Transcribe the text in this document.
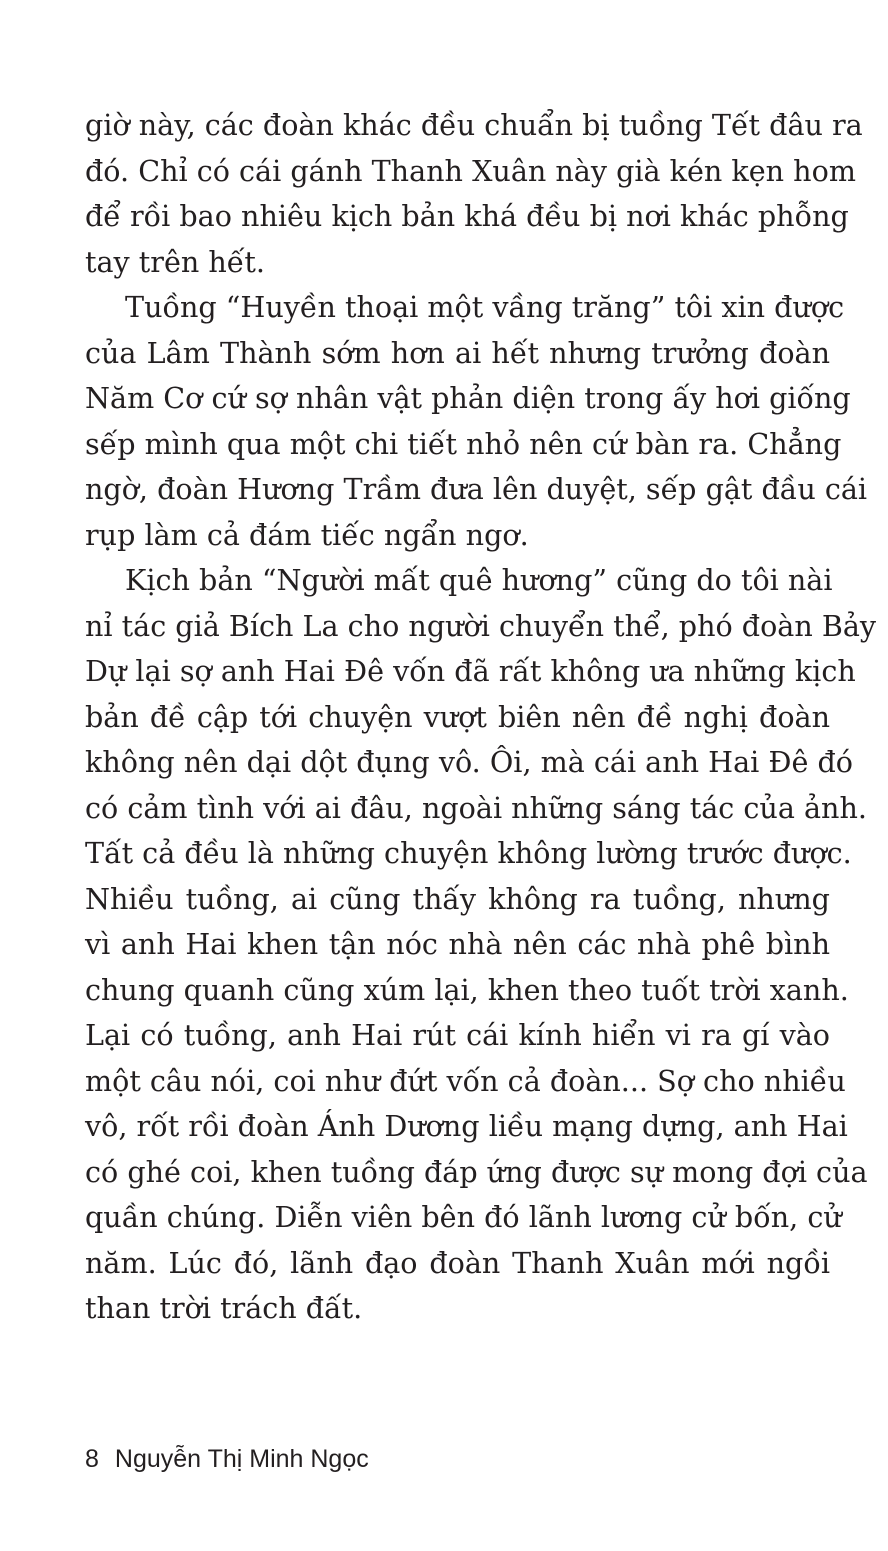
giờ này, các đoàn khác đều chuẩn bị tuồng Tết đâu ra
đó. Chỉ có cái gánh Thanh Xuân này già kén kẹn hom
để rồi bao nhiêu kịch bản khá đều bị nơi khác phỗng
tay trên hết.
Tuồng “Huyền thoại một vầng trăng” tôi xin được
của Lâm Thành sớm hơn ai hết nhưng trưởng đoàn
Năm Cơ cứ sợ nhân vật phản diện trong ấy hơi giống
sếp mình qua một chi tiết nhỏ nên cứ bàn ra. Chẳng
ngờ, đoàn Hương Trầm đưa lên duyệt, sếp gật đầu cái
rụp làm cả đám tiếc ngẩn ngơ.
Kịch bản “Người mất quê hương” cũng do tôi nài
nỉ tác giả Bích La cho người chuyển thể, phó đoàn Bảy
Dự lại sợ anh Hai Đê vốn đã rất không ưa những kịch
bản đề cập tới chuyện vượt biên nên đề nghị đoàn
không nên dại dột đụng vô. Ôi, mà cái anh Hai Đê đó
có cảm tình với ai đâu, ngoài những sáng tác của ảnh.
Tất cả đều là những chuyện không lường trước được.
Nhiều tuồng, ai cũng thấy không ra tuồng, nhưng
vì anh Hai khen tận nóc nhà nên các nhà phê bình
chung quanh cũng xúm lại, khen theo tuốt trời xanh.
Lại có tuồng, anh Hai rút cái kính hiển vi ra gí vào
một câu nói, coi như đứt vốn cả đoàn... Sợ cho nhiều
vô, rốt rồi đoàn Ánh Dương liều mạng dựng, anh Hai
có ghé coi, khen tuồng đáp ứng được sự mong đợi của
quần chúng. Diễn viên bên đó lãnh lương cử bốn, cử
năm. Lúc đó, lãnh đạo đoàn Thanh Xuân mới ngồi
than trời trách đất.
8 Nguyễn Thị Minh Ngọc
